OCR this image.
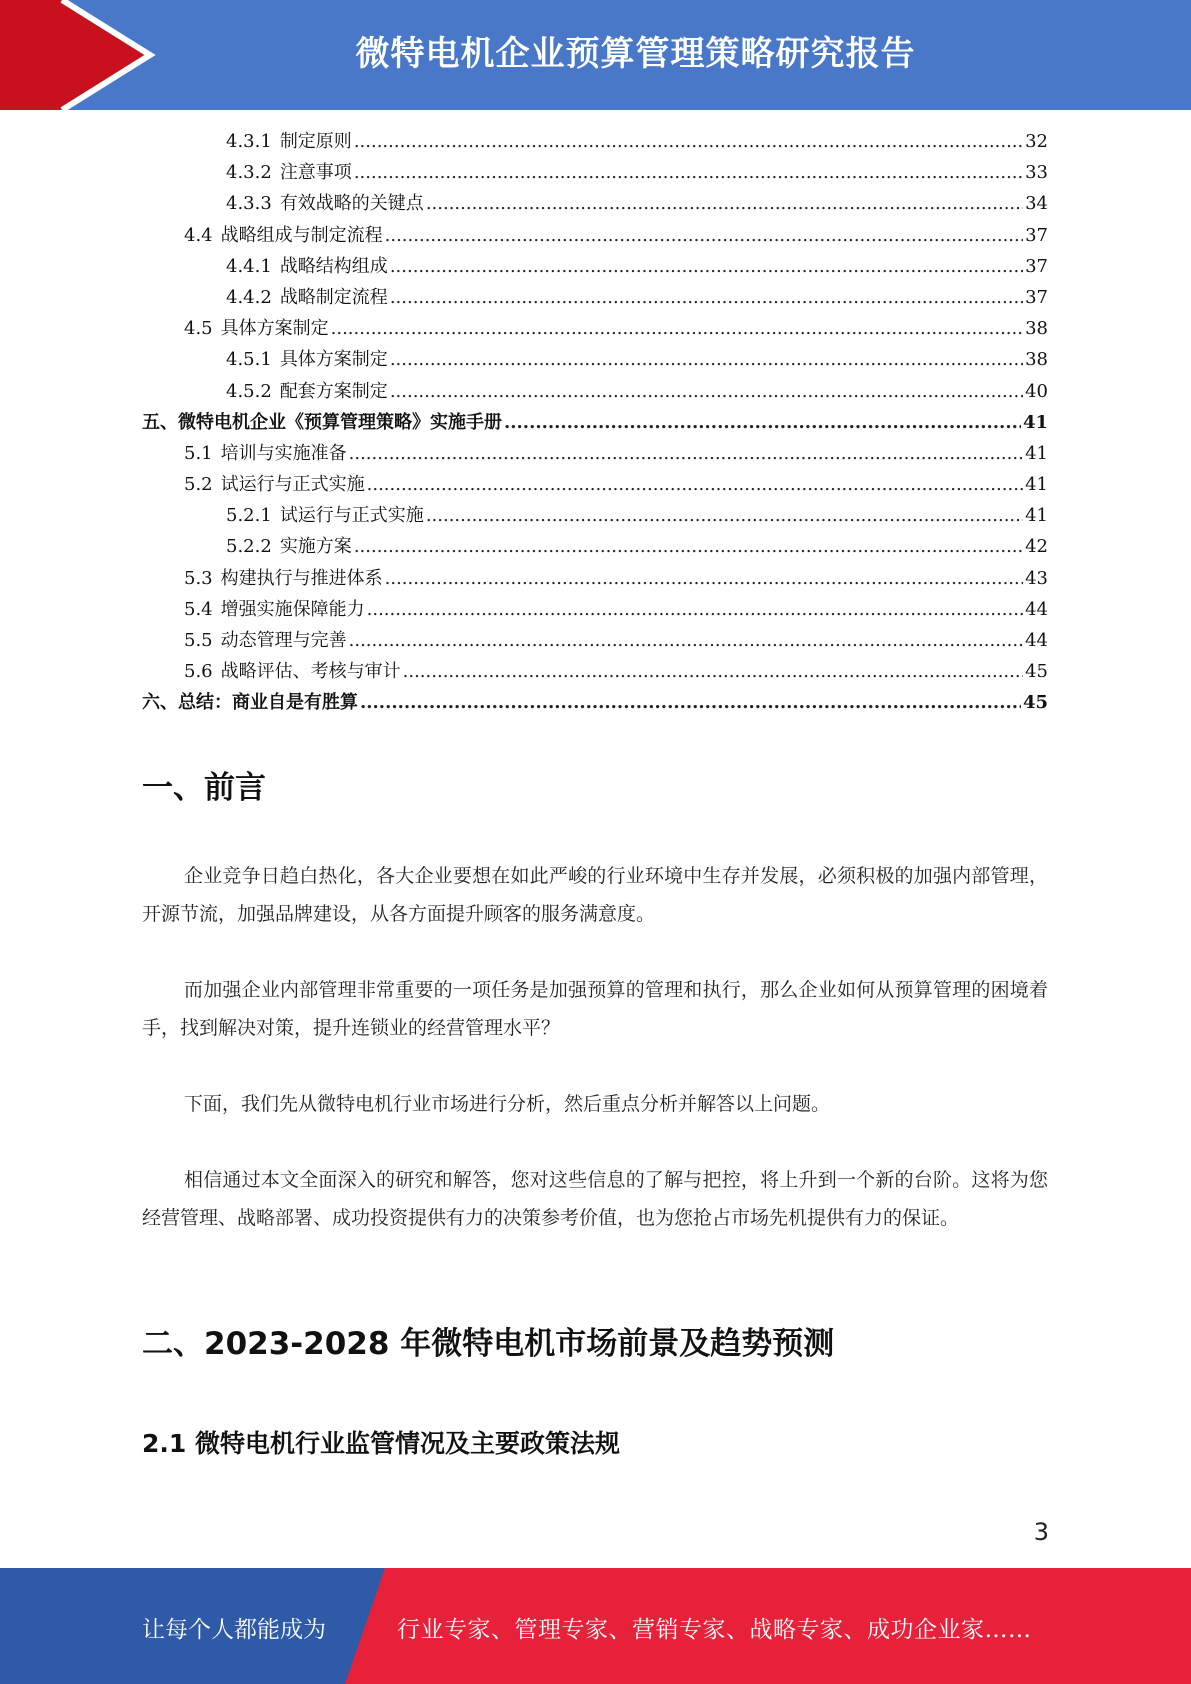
微特电机企业预算管理策略研究报告
4.3.1 制定原则 .....	32
4.3.2 注意事项 .....	33
4.3.3 有效战略的关键点 .....	34
4.4 战略组成与制定流程 .....	37
4.4.1 战略结构组成 .....	37
4.4.2 战略制定流程 .....	37
4.5 具体方案制定 .....	38
4.5.1 具体方案制定 .....	38
4.5.2 配套方案制定 .....	40
五、微特电机企业《预算管理策略》实施手册 .....	41
5.1 培训与实施准备 .....	41
5.2 试运行与正式实施 .....	41
5.2.1 试运行与正式实施 .....	41
5.2.2 实施方案 .....	42
5.3 构建执行与推进体系 .....	43
5.4 增强实施保障能力 .....	44
5.5 动态管理与完善 .....	44
5.6 战略评估、考核与审计 .....	45
六、总结：商业自是有胜算 .....	45
一、前言
企业竞争日趋白热化，各大企业要想在如此严峻的行业环境中生存并发展，必须积极的加强内部管理，开源节流，加强品牌建设，从各方面提升顾客的服务满意度。
而加强企业内部管理非常重要的一项任务是加强预算的管理和执行，那么企业如何从预算管理的困境着手，找到解决对策，提升连锁业的经营管理水平？
下面，我们先从微特电机行业市场进行分析，然后重点分析并解答以上问题。
相信通过本文全面深入的研究和解答，您对这些信息的了解与把控，将上升到一个新的台阶。这将为您经营管理、战略部署、成功投资提供有力的决策参考价值，也为您抢占市场先机提供有力的保证。
二、2023-2028 年微特电机市场前景及趋势预测
2.1 微特电机行业监管情况及主要政策法规
3
让每个人都能成为	行业专家、管理专家、营销专家、战略专家、成功企业家……
